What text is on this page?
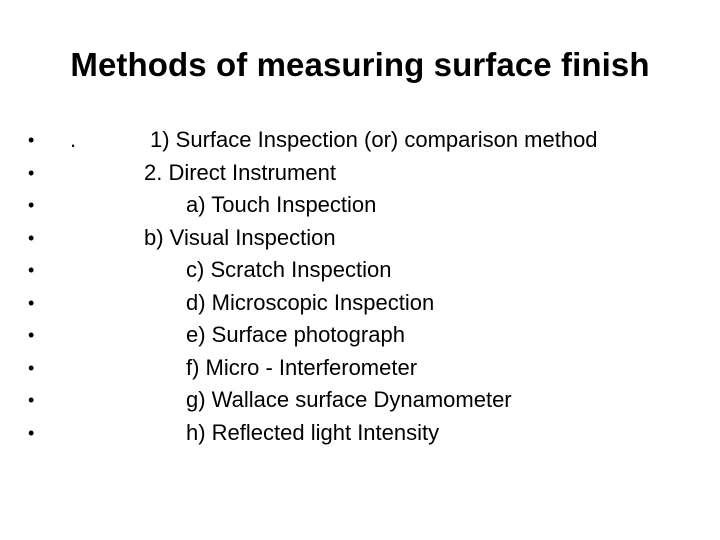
Methods of measuring surface finish
•	.	1) Surface Inspection (or) comparison method
•	2. Direct Instrument
•	a) Touch Inspection
•	b) Visual Inspection
•	c) Scratch Inspection
•	d) Microscopic Inspection
•	e) Surface photograph
•	f) Micro - Interferometer
•	g) Wallace surface Dynamometer
•	h) Reflected light Intensity
